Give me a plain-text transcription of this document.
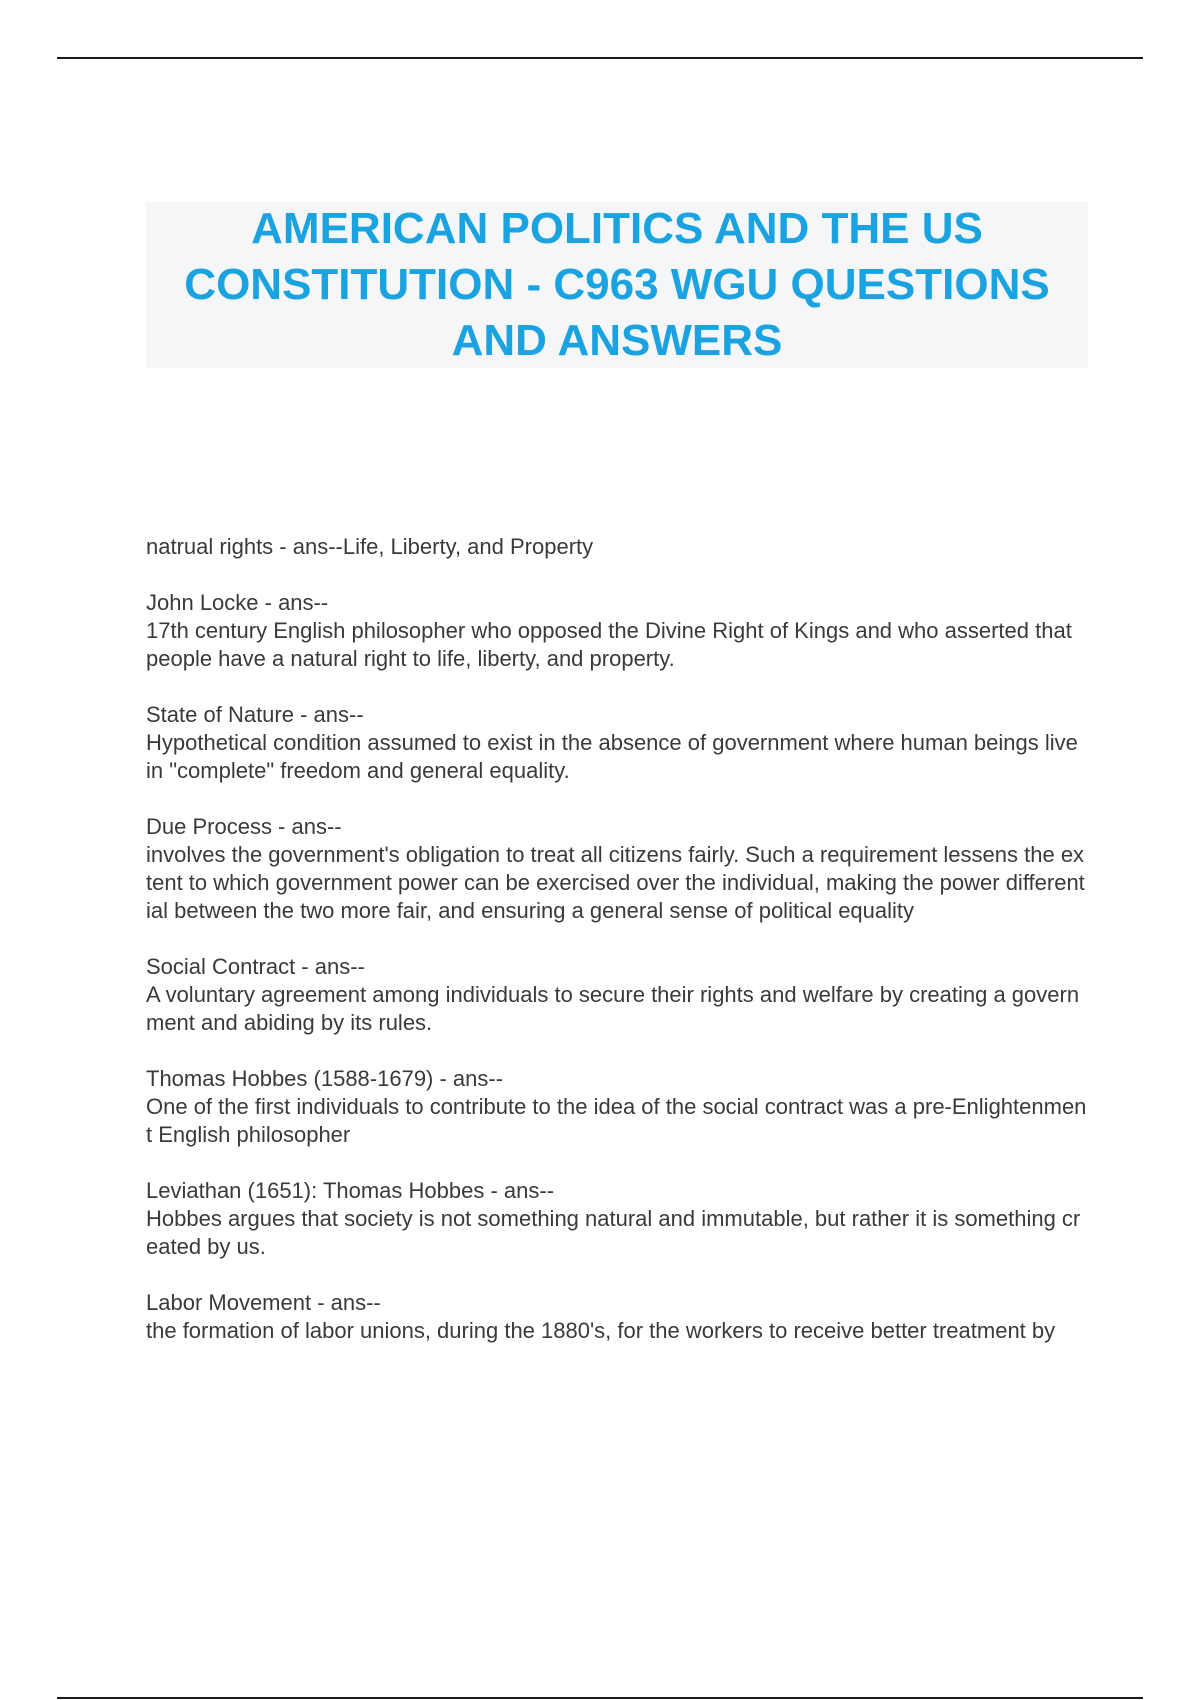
AMERICAN POLITICS AND THE US CONSTITUTION - C963 WGU QUESTIONS AND ANSWERS
natrual rights - ans--Life, Liberty, and Property
John Locke - ans--
17th century English philosopher who opposed the Divine Right of Kings and who asserted that people have a natural right to life, liberty, and property.
State of Nature - ans--
Hypothetical condition assumed to exist in the absence of government where human beings live in "complete" freedom and general equality.
Due Process - ans--
involves the government's obligation to treat all citizens fairly. Such a requirement lessens the extent to which government power can be exercised over the individual, making the power differential between the two more fair, and ensuring a general sense of political equality
Social Contract - ans--
A voluntary agreement among individuals to secure their rights and welfare by creating a government and abiding by its rules.
Thomas Hobbes (1588-1679) - ans--
One of the first individuals to contribute to the idea of the social contract was a pre-Enlightenment English philosopher
Leviathan (1651): Thomas Hobbes - ans--
Hobbes argues that society is not something natural and immutable, but rather it is something created by us.
Labor Movement - ans--
the formation of labor unions, during the 1880's, for the workers to receive better treatment by
